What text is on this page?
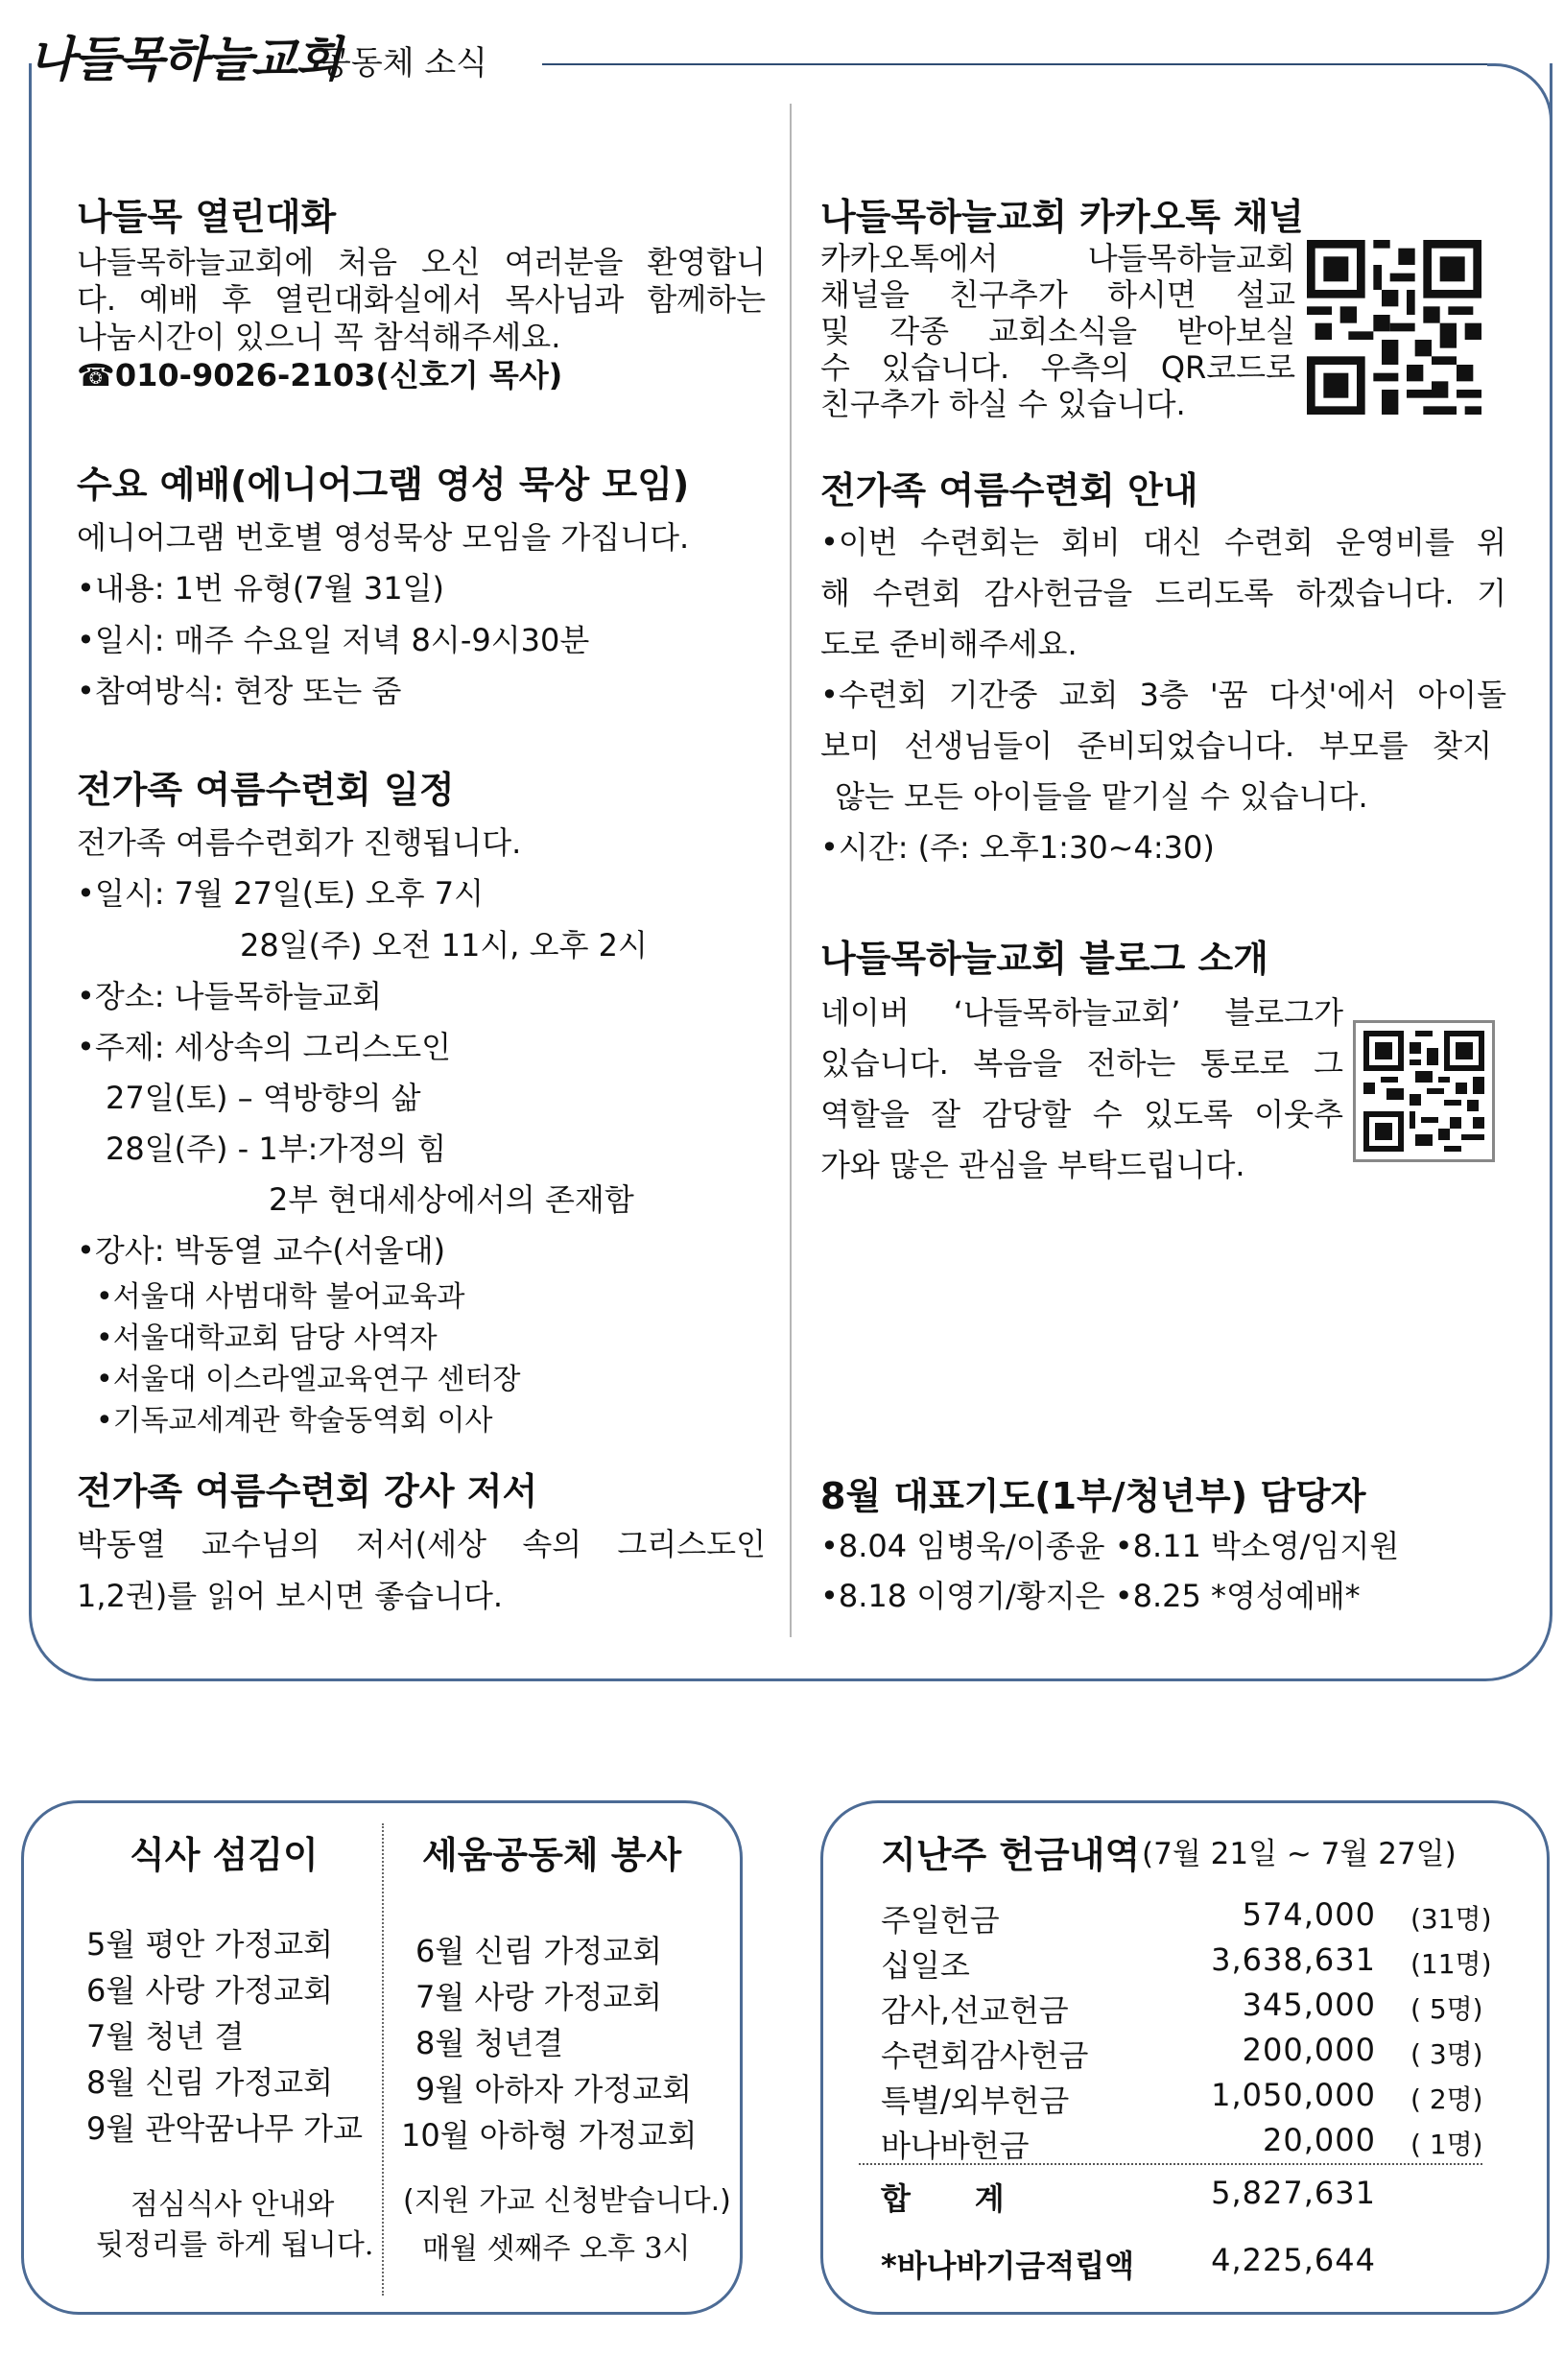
나들목하늘교회
공동체 소식
나들목 열린대화
나들목하늘교회에 처음 오신 여러분을 환영합니
다. 예배 후 열린대화실에서 목사님과 함께하는
나눔시간이 있으니 꼭 참석해주세요.
☎010-9026-2103(신호기 목사)
수요 예배(에니어그램 영성 묵상 모임)
에니어그램 번호별 영성묵상 모임을 가집니다.
•내용: 1번 유형(7월 31일)
•일시: 매주 수요일 저녁 8시-9시30분
•참여방식: 현장 또는 줌
전가족 여름수련회 일정
전가족 여름수련회가 진행됩니다.
•일시: 7월 27일(토) 오후 7시
28일(주) 오전 11시, 오후 2시
•장소: 나들목하늘교회
•주제: 세상속의 그리스도인
27일(토) – 역방향의 삶
28일(주) - 1부:가정의 힘
2부 현대세상에서의 존재함
•강사: 박동열 교수(서울대)
•서울대 사범대학 불어교육과
•서울대학교회 담당 사역자
•서울대 이스라엘교육연구 센터장
•기독교세계관 학술동역회 이사
전가족 여름수련회 강사 저서
박동열 교수님의 저서(세상 속의 그리스도인
1,2권)를 읽어 보시면 좋습니다.
나들목하늘교회 카카오톡 채널
카카오톡에서 나들목하늘교회
채널을 친구추가 하시면 설교
및 각종 교회소식을 받아보실
수 있습니다. 우측의 QR코드로
친구추가 하실 수 있습니다.
전가족 여름수련회 안내
•이번 수련회는 회비 대신 수련회 운영비를 위
해 수련회 감사헌금을 드리도록 하겠습니다. 기
도로 준비해주세요.
•수련회 기간중 교회 3층 '꿈 다섯'에서 아이돌
보미 선생님들이 준비되었습니다. 부모를 찾지
않는 모든 아이들을 맡기실 수 있습니다.
•시간: (주: 오후1:30~4:30)
나들목하늘교회 블로그 소개
네이버 ‘나들목하늘교회’ 블로그가
있습니다. 복음을 전하는 통로로 그
역할을 잘 감당할 수 있도록 이웃추
가와 많은 관심을 부탁드립니다.
8월 대표기도(1부/청년부) 담당자
•8.04 임병욱/이종윤 •8.11 박소영/임지원
•8.18 이영기/황지은 •8.25 *영성예배*
식사 섬김이
5월 평안 가정교회
6월 사랑 가정교회
7월 청년 결
8월 신림 가정교회
9월 관악꿈나무 가교
점심식사 안내와
뒷정리를 하게 됩니다.
세움공동체 봉사
6월 신림 가정교회
7월 사랑 가정교회
8월 청년결
9월 아하자 가정교회
10월 아하형 가정교회
(지원 가교 신청받습니다.)
매월 셋째주 오후 3시
지난주 헌금내역 (7월 21일 ~ 7월 27일)
주일헌금	574,000 (31명)
십일조	3,638,631 (11명)
감사,선교헌금	345,000 ( 5명)
수련회감사헌금	200,000 ( 3명)
특별/외부헌금	1,050,000 ( 2명)
바나바헌금	20,000 ( 1명)
합      계	5,827,631
*바나바기금적립액	4,225,644
